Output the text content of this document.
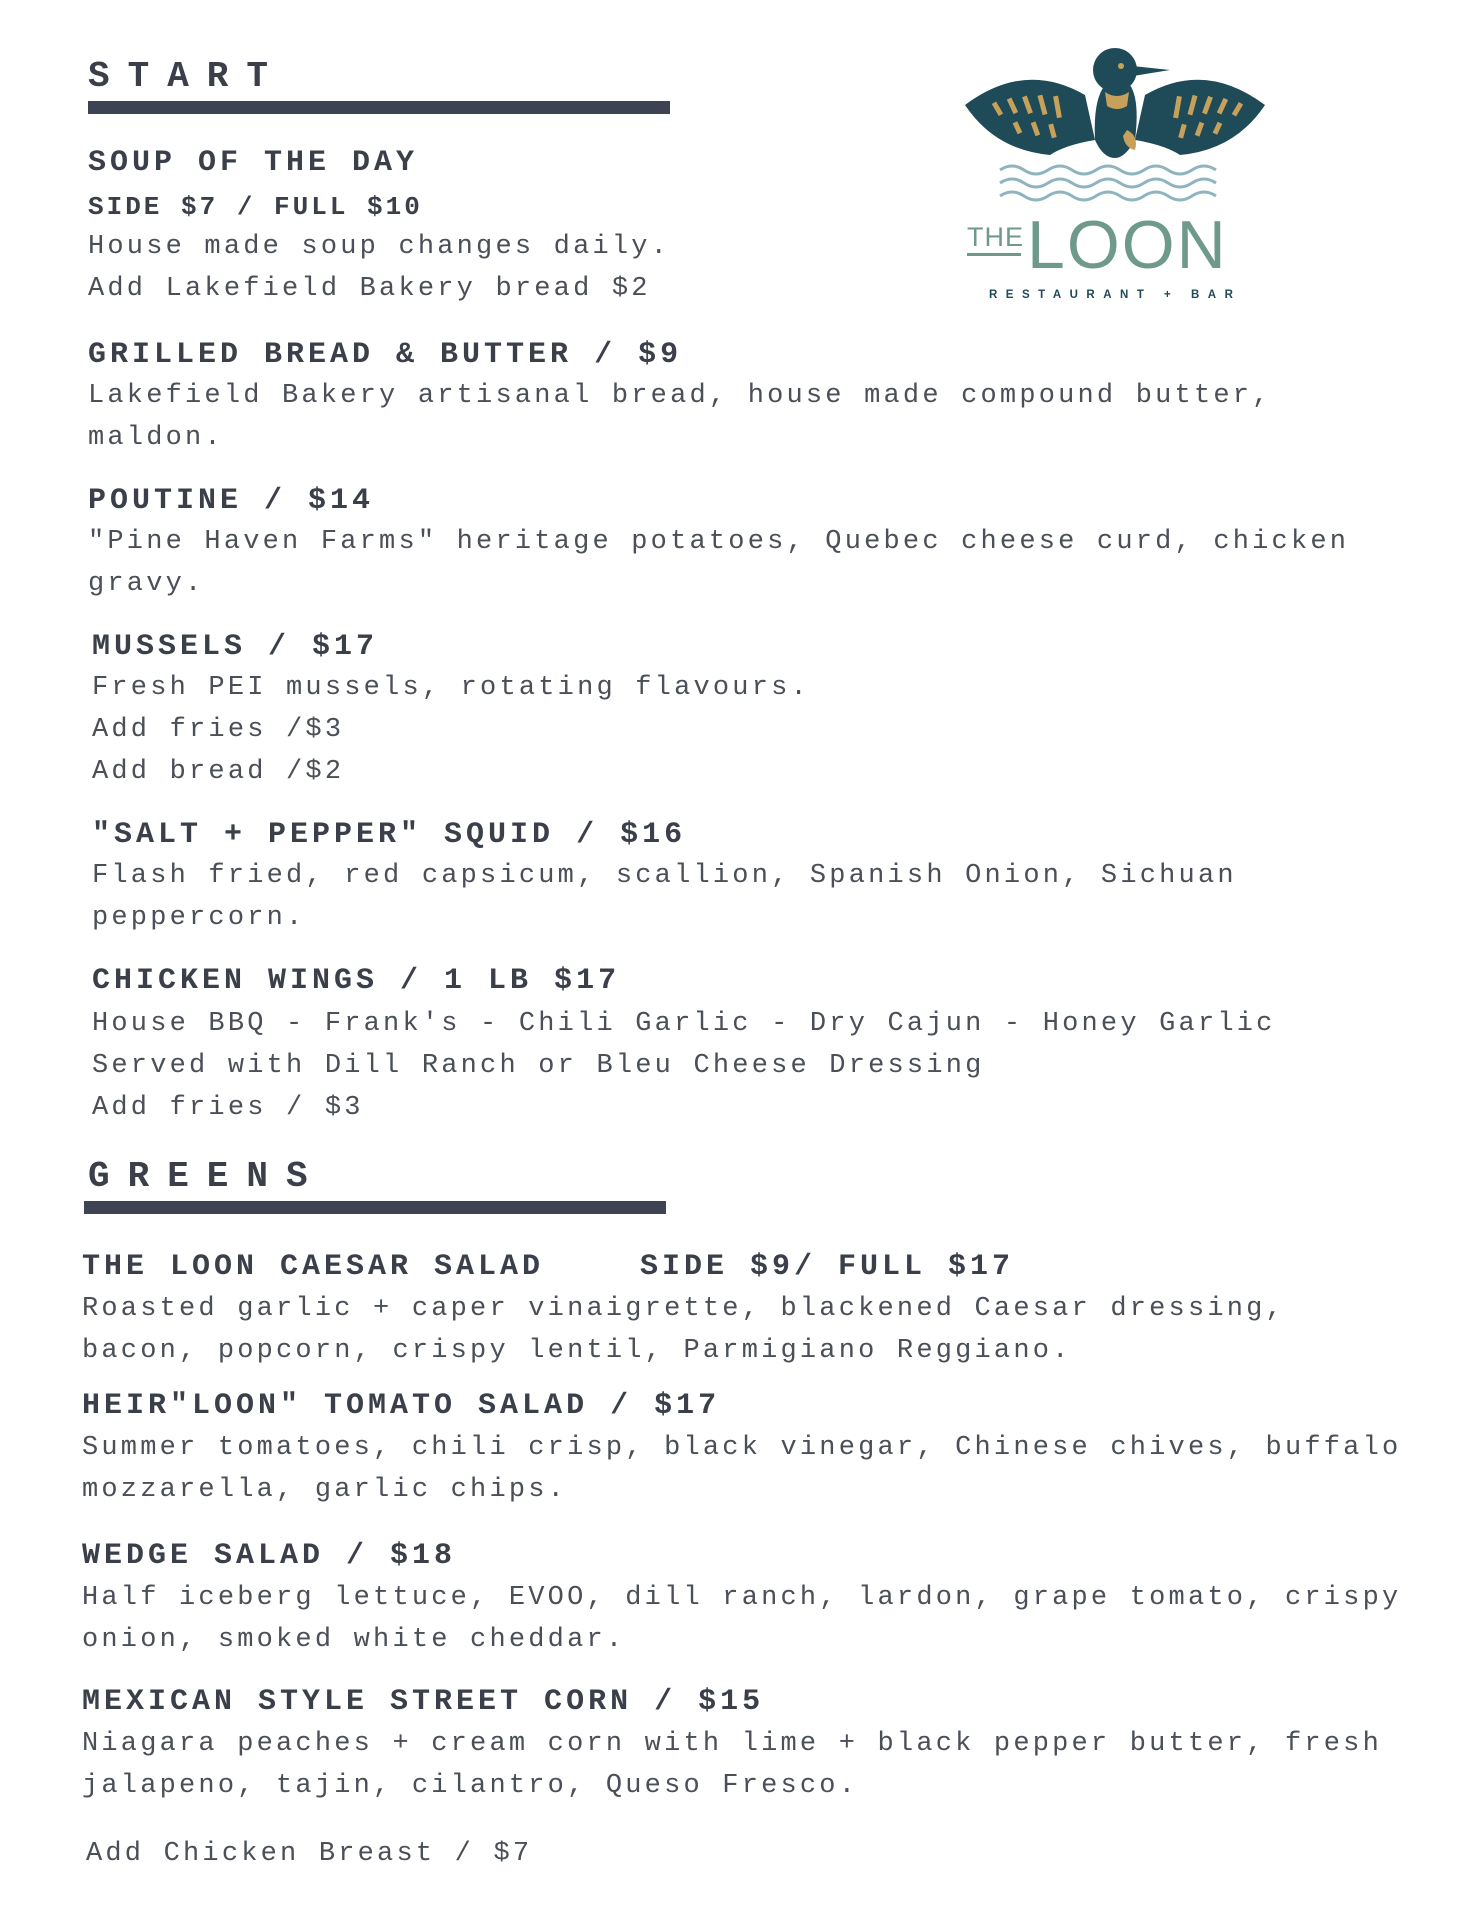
START
SOUP OF THE DAY
SIDE $7 / FULL $10
House made soup changes daily.
Add Lakefield Bakery bread $2
GRILLED BREAD & BUTTER / $9
Lakefield Bakery artisanal bread, house made compound butter,
maldon.
POUTINE / $14
"Pine Haven Farms" heritage potatoes, Quebec cheese curd, chicken
gravy.
MUSSELS / $17
Fresh PEI mussels, rotating flavours.
Add fries /$3
Add bread /$2
"SALT + PEPPER" SQUID / $16
Flash fried, red capsicum, scallion, Spanish Onion, Sichuan
peppercorn.
CHICKEN WINGS / 1 LB $17
House BBQ - Frank's - Chili Garlic - Dry Cajun - Honey Garlic
Served with Dill Ranch or Bleu Cheese Dressing
Add fries / $3
GREENS
THE LOON CAESAR SALAD	SIDE $9/ FULL $17
Roasted garlic + caper vinaigrette, blackened Caesar dressing,
bacon, popcorn, crispy lentil, Parmigiano Reggiano.
HEIR"LOON" TOMATO SALAD / $17
Summer tomatoes, chili crisp, black vinegar, Chinese chives, buffalo
mozzarella, garlic chips.
WEDGE SALAD / $18
Half iceberg lettuce, EVOO, dill ranch, lardon, grape tomato, crispy
onion, smoked white cheddar.
MEXICAN STYLE STREET CORN / $15
Niagara peaches + cream corn with lime + black pepper butter, fresh
jalapeno, tajin, cilantro, Queso Fresco.
Add Chicken Breast / $7
THE LOON
RESTAURANT + BAR
